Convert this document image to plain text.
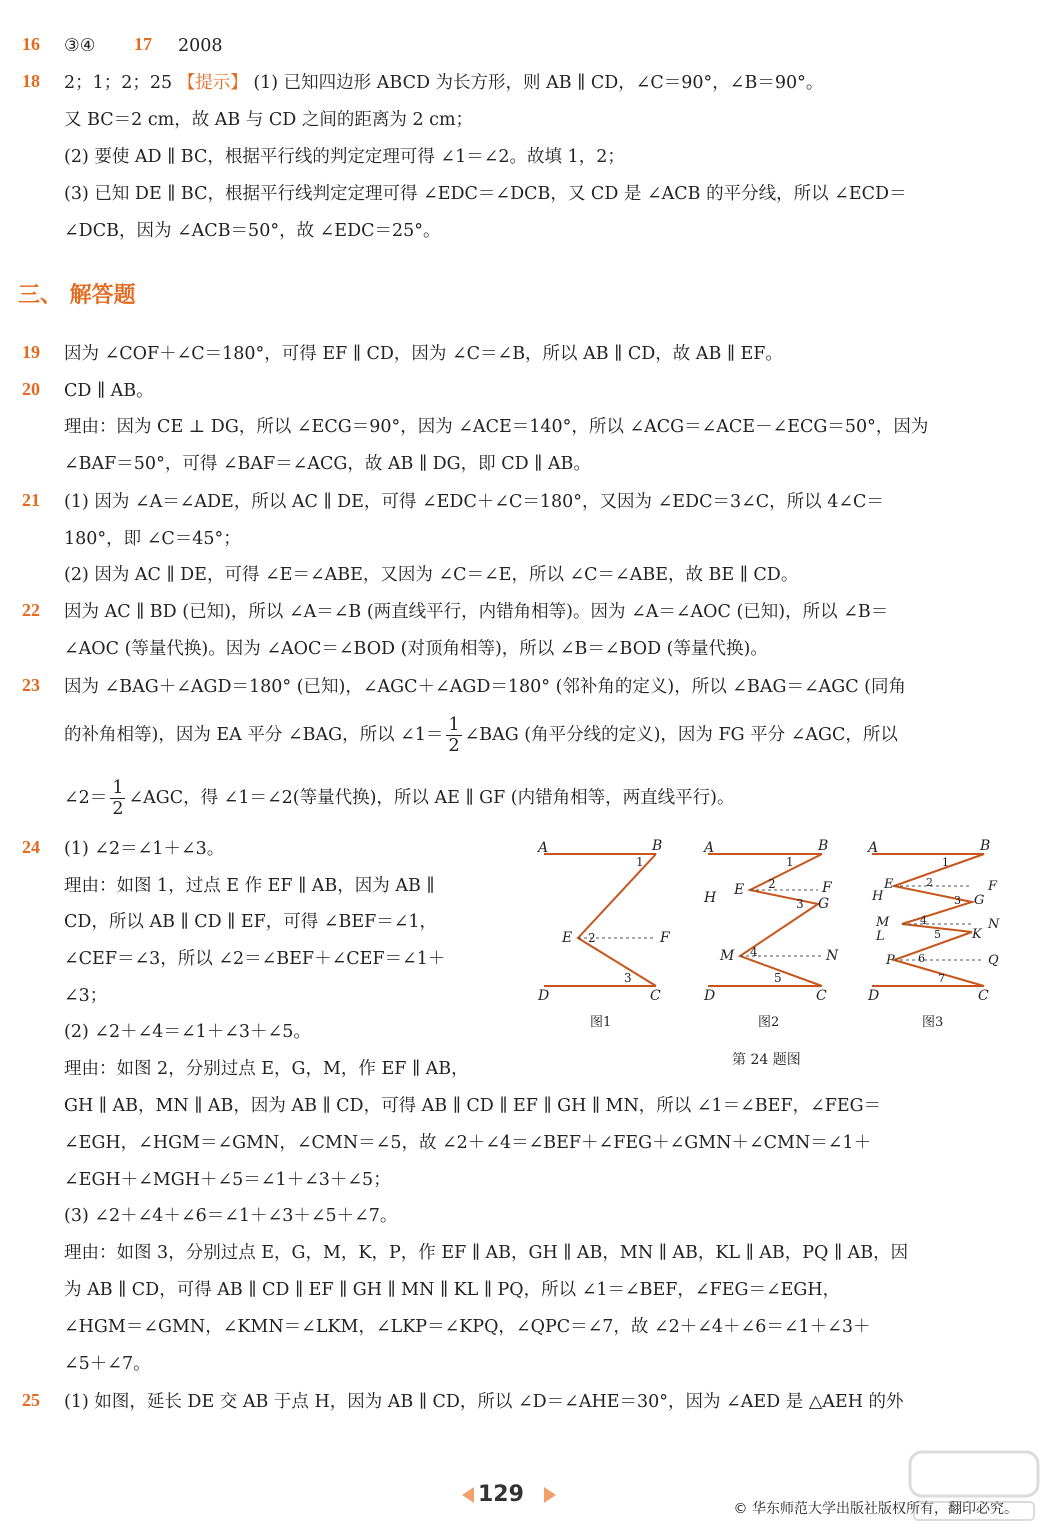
16 ③④ 17 2008
18 2；1；2；25 【提示】 (1) 已知四边形 ABCD 为长方形，则 AB ∥ CD，∠C＝90°，∠B＝90°。
又 BC＝2 cm，故 AB 与 CD 之间的距离为 2 cm；
(2) 要使 AD ∥ BC，根据平行线的判定定理可得 ∠1＝∠2。故填 1，2；
(3) 已知 DE ∥ BC，根据平行线判定定理可得 ∠EDC＝∠DCB，又 CD 是 ∠ACB 的平分线，所以 ∠ECD＝
∠DCB，因为 ∠ACB＝50°，故 ∠EDC＝25°。
三、 解答题
19 因为 ∠COF＋∠C＝180°，可得 EF ∥ CD，因为 ∠C＝∠B，所以 AB ∥ CD，故 AB ∥ EF。
20 CD ∥ AB。
理由：因为 CE ⊥ DG，所以 ∠ECG＝90°，因为 ∠ACE＝140°，所以 ∠ACG＝∠ACE－∠ECG＝50°，因为
∠BAF＝50°，可得 ∠BAF＝∠ACG，故 AB ∥ DG，即 CD ∥ AB。
21 (1) 因为 ∠A＝∠ADE，所以 AC ∥ DE，可得 ∠EDC＋∠C＝180°，又因为 ∠EDC＝3∠C，所以 4∠C＝
180°，即 ∠C＝45°；
(2) 因为 AC ∥ DE，可得 ∠E＝∠ABE，又因为 ∠C＝∠E，所以 ∠C＝∠ABE，故 BE ∥ CD。
22 因为 AC ∥ BD (已知)，所以 ∠A＝∠B (两直线平行，内错角相等)。因为 ∠A＝∠AOC (已知)，所以 ∠B＝
∠AOC (等量代换)。因为 ∠AOC＝∠BOD (对顶角相等)，所以 ∠B＝∠BOD (等量代换)。
23 因为 ∠BAG＋∠AGD＝180° (已知)，∠AGC＋∠AGD＝180° (邻补角的定义)，所以 ∠BAG＝∠AGC (同角
的补角相等)，因为 EA 平分 ∠BAG，所以 ∠1＝ $\frac{1}{2}$ ∠BAG (角平分线的定义)，因为 FG 平分 ∠AGC，所以
∠2＝ $\frac{1}{2}$ ∠AGC，得 ∠1＝∠2(等量代换)，所以 AE ∥ GF (内错角相等，两直线平行)。
24 (1) ∠2＝∠1＋∠3。
理由：如图 1，过点 E 作 EF ∥ AB，因为 AB ∥
CD，所以 AB ∥ CD ∥ EF，可得 ∠BEF＝∠1，
∠CEF＝∠3，所以 ∠2＝∠BEF＋∠CEF＝∠1＋
∠3；
(2) ∠2＋∠4＝∠1＋∠3＋∠5。
理由：如图 2，分别过点 E，G，M，作 EF ∥ AB，
GH ∥ AB，MN ∥ AB，因为 AB ∥ CD，可得 AB ∥ CD ∥ EF ∥ GH ∥ MN，所以 ∠1＝∠BEF，∠FEG＝
∠EGH，∠HGM＝∠GMN，∠CMN＝∠5，故 ∠2＋∠4＝∠BEF＋∠FEG＋∠GMN＋∠CMN＝∠1＋
∠EGH＋∠MGH＋∠5＝∠1＋∠3＋∠5；
(3) ∠2＋∠4＋∠6＝∠1＋∠3＋∠5＋∠7。
理由：如图 3，分别过点 E，G，M，K，P，作 EF ∥ AB，GH ∥ AB，MN ∥ AB，KL ∥ AB，PQ ∥ AB，因
为 AB ∥ CD，可得 AB ∥ CD ∥ EF ∥ GH ∥ MN ∥ KL ∥ PQ，所以 ∠1＝∠BEF，∠FEG＝∠EGH，
∠HGM＝∠GMN，∠KMN＝∠LKM，∠LKP＝∠KPQ，∠QPC＝∠7，故 ∠2＋∠4＋∠6＝∠1＋∠3＋
∠5＋∠7。
A	B
E	F
D	C
1
2
3
图1
A	B
H E	F
G
M	N
D	C
1
2
3
4
5
图2
A	B
H
E	F
G
M
L
N
K
P	Q
D	C
1
2
3
4
5
6
7
图3
第 24 题图
25 (1) 如图，延长 DE 交 AB 于点 H，因为 AB ∥ CD，所以 ∠D＝∠AHE＝30°，因为 ∠AED 是 △AEH 的外
129
© 华东师范大学出版社版权所有，翻印必究。
